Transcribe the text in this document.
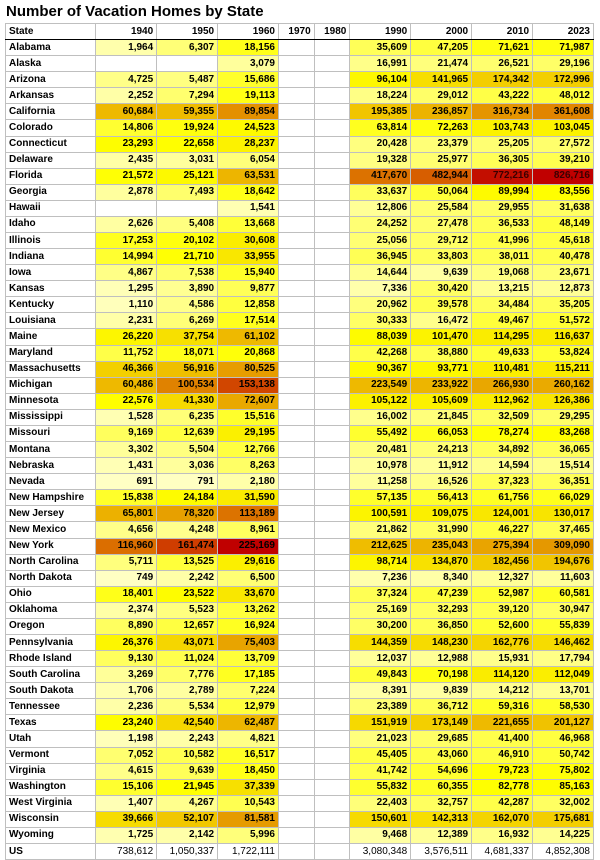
Number of Vacation Homes by State
State	1940	1950	1960	1970	1980	1990	2000	2010	2023
Alabama	1,964	6,307	18,156			35,609	47,205	71,621	71,987
Alaska			3,079			16,991	21,474	26,521	29,196
Arizona	4,725	5,487	15,686			96,104	141,965	174,342	172,996
Arkansas	2,252	7,294	19,113			18,224	29,012	43,222	48,012
California	60,684	59,355	89,854			195,385	236,857	316,734	361,608
Colorado	14,806	19,924	24,523			63,814	72,263	103,743	103,045
Connecticut	23,293	22,658	28,237			20,428	23,379	25,205	27,572
Delaware	2,435	3,031	6,054			19,328	25,977	36,305	39,210
Florida	21,572	25,121	63,531			417,670	482,944	772,216	826,716
Georgia	2,878	7,493	18,642			33,637	50,064	89,994	83,556
Hawaii			1,541			12,806	25,584	29,955	31,638
Idaho	2,626	5,408	13,668			24,252	27,478	36,533	48,149
Illinois	17,253	20,102	30,608			25,056	29,712	41,996	45,618
Indiana	14,994	21,710	33,955			36,945	33,803	38,011	40,478
Iowa	4,867	7,538	15,940			14,644	9,639	19,068	23,671
Kansas	1,295	3,890	9,877			7,336	30,420	13,215	12,873
Kentucky	1,110	4,586	12,858			20,962	39,578	34,484	35,205
Louisiana	2,231	6,269	17,514			30,333	16,472	49,467	51,572
Maine	26,220	37,754	61,102			88,039	101,470	114,295	116,637
Maryland	11,752	18,071	20,868			42,268	38,880	49,633	53,824
Massachusetts	46,366	56,916	80,525			90,367	93,771	110,481	115,211
Michigan	60,486	100,534	153,138			223,549	233,922	266,930	260,162
Minnesota	22,576	41,330	72,607			105,122	105,609	112,962	126,386
Mississippi	1,528	6,235	15,516			16,002	21,845	32,509	29,295
Missouri	9,169	12,639	29,195			55,492	66,053	78,274	83,268
Montana	3,302	5,504	12,766			20,481	24,213	34,892	36,065
Nebraska	1,431	3,036	8,263			10,978	11,912	14,594	15,514
Nevada	691	791	2,180			11,258	16,526	37,323	36,351
New Hampshire	15,838	24,184	31,590			57,135	56,413	61,756	66,029
New Jersey	65,801	78,320	113,189			100,591	109,075	124,001	130,017
New Mexico	4,656	4,248	8,961			21,862	31,990	46,227	37,465
New York	116,960	161,474	225,169			212,625	235,043	275,394	309,090
North Carolina	5,711	13,525	29,616			98,714	134,870	182,456	194,676
North Dakota	749	2,242	6,500			7,236	8,340	12,327	11,603
Ohio	18,401	23,522	33,670			37,324	47,239	52,987	60,581
Oklahoma	2,374	5,523	13,262			25,169	32,293	39,120	30,947
Oregon	8,890	12,657	16,924			30,200	36,850	52,600	55,839
Pennsylvania	26,376	43,071	75,403			144,359	148,230	162,776	146,462
Rhode Island	9,130	11,024	13,709			12,037	12,988	15,931	17,794
South Carolina	3,269	7,776	17,185			49,843	70,198	114,120	112,049
South Dakota	1,706	2,789	7,224			8,391	9,839	14,212	13,701
Tennessee	2,236	5,534	12,979			23,389	36,712	59,316	58,530
Texas	23,240	42,540	62,487			151,919	173,149	221,655	201,127
Utah	1,198	2,243	4,821			21,023	29,685	41,400	46,968
Vermont	7,052	10,582	16,517			45,405	43,060	46,910	50,742
Virginia	4,615	9,639	18,450			41,742	54,696	79,723	75,802
Washington	15,106	21,945	37,339			55,832	60,355	82,778	85,163
West Virginia	1,407	4,267	10,543			22,403	32,757	42,287	32,002
Wisconsin	39,666	52,107	81,581			150,601	142,313	162,070	175,681
Wyoming	1,725	2,142	5,996			9,468	12,389	16,932	14,225
US	738,612	1,050,337	1,722,111			3,080,348	3,576,511	4,681,337	4,852,308
